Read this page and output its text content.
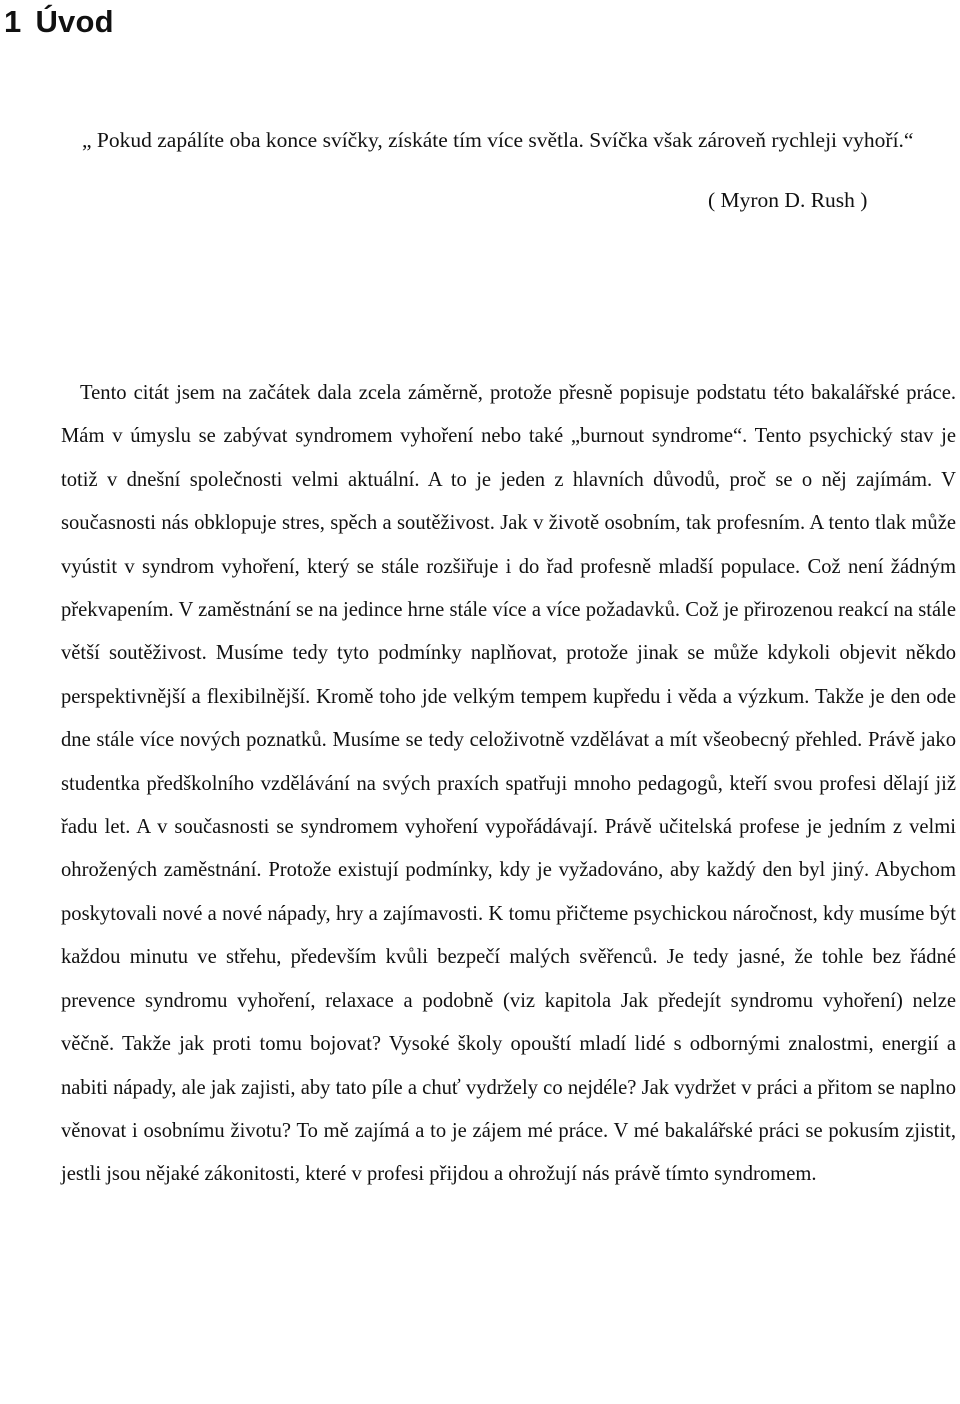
1 Úvod

„ Pokud zapálíte oba konce svíčky, získáte tím více světla. Svíčka však zároveň rychleji vyhoří.“

( Myron D. Rush )

Tento citát jsem na začátek dala zcela záměrně, protože přesně popisuje podstatu této bakalářské práce. Mám v úmyslu se zabývat syndromem vyhoření nebo také „burnout syndrome“. Tento psychický stav je totiž v dnešní společnosti velmi aktuální. A to je jeden z hlavních důvodů, proč se o něj zajímám. V současnosti nás obklopuje stres, spěch a soutěživost. Jak v životě osobním, tak profesním. A tento tlak může vyústit v syndrom vyhoření, který se stále rozšiřuje i do řad profesně mladší populace. Což není žádným překvapením. V zaměstnání se na jedince hrne stále více a více požadavků. Což je přirozenou reakcí na stále větší soutěživost. Musíme tedy tyto podmínky naplňovat, protože jinak se může kdykoli objevit někdo perspektivnější a flexibilnější. Kromě toho jde velkým tempem kupředu i věda a výzkum. Takže je den ode dne stále více nových poznatků. Musíme se tedy celoživotně vzdělávat a mít všeobecný přehled. Právě jako studentka předškolního vzdělávání na svých praxích spatřuji mnoho pedagogů, kteří svou profesi dělají již řadu let. A v současnosti se syndromem vyhoření vypořádávají. Právě učitelská profese je jedním z velmi ohrožených zaměstnání. Protože existují podmínky, kdy je vyžadováno, aby každý den byl jiný. Abychom poskytovali nové a nové nápady, hry a zajímavosti. K tomu přičteme psychickou náročnost, kdy musíme být každou minutu ve střehu, především kvůli bezpečí malých svěřenců. Je tedy jasné, že tohle bez řádné prevence syndromu vyhoření, relaxace a podobně (viz kapitola Jak předejít syndromu vyhoření) nelze věčně. Takže jak proti tomu bojovat? Vysoké školy opouští mladí lidé s odbornými znalostmi, energií a nabiti nápady, ale jak zajisti, aby tato píle a chuť vydržely co nejdéle? Jak vydržet v práci a přitom se naplno věnovat i osobnímu životu? To mě zajímá a to je zájem mé práce. V mé bakalářské práci se pokusím zjistit, jestli jsou nějaké zákonitosti, které v profesi přijdou a ohrožují nás právě tímto syndromem.
